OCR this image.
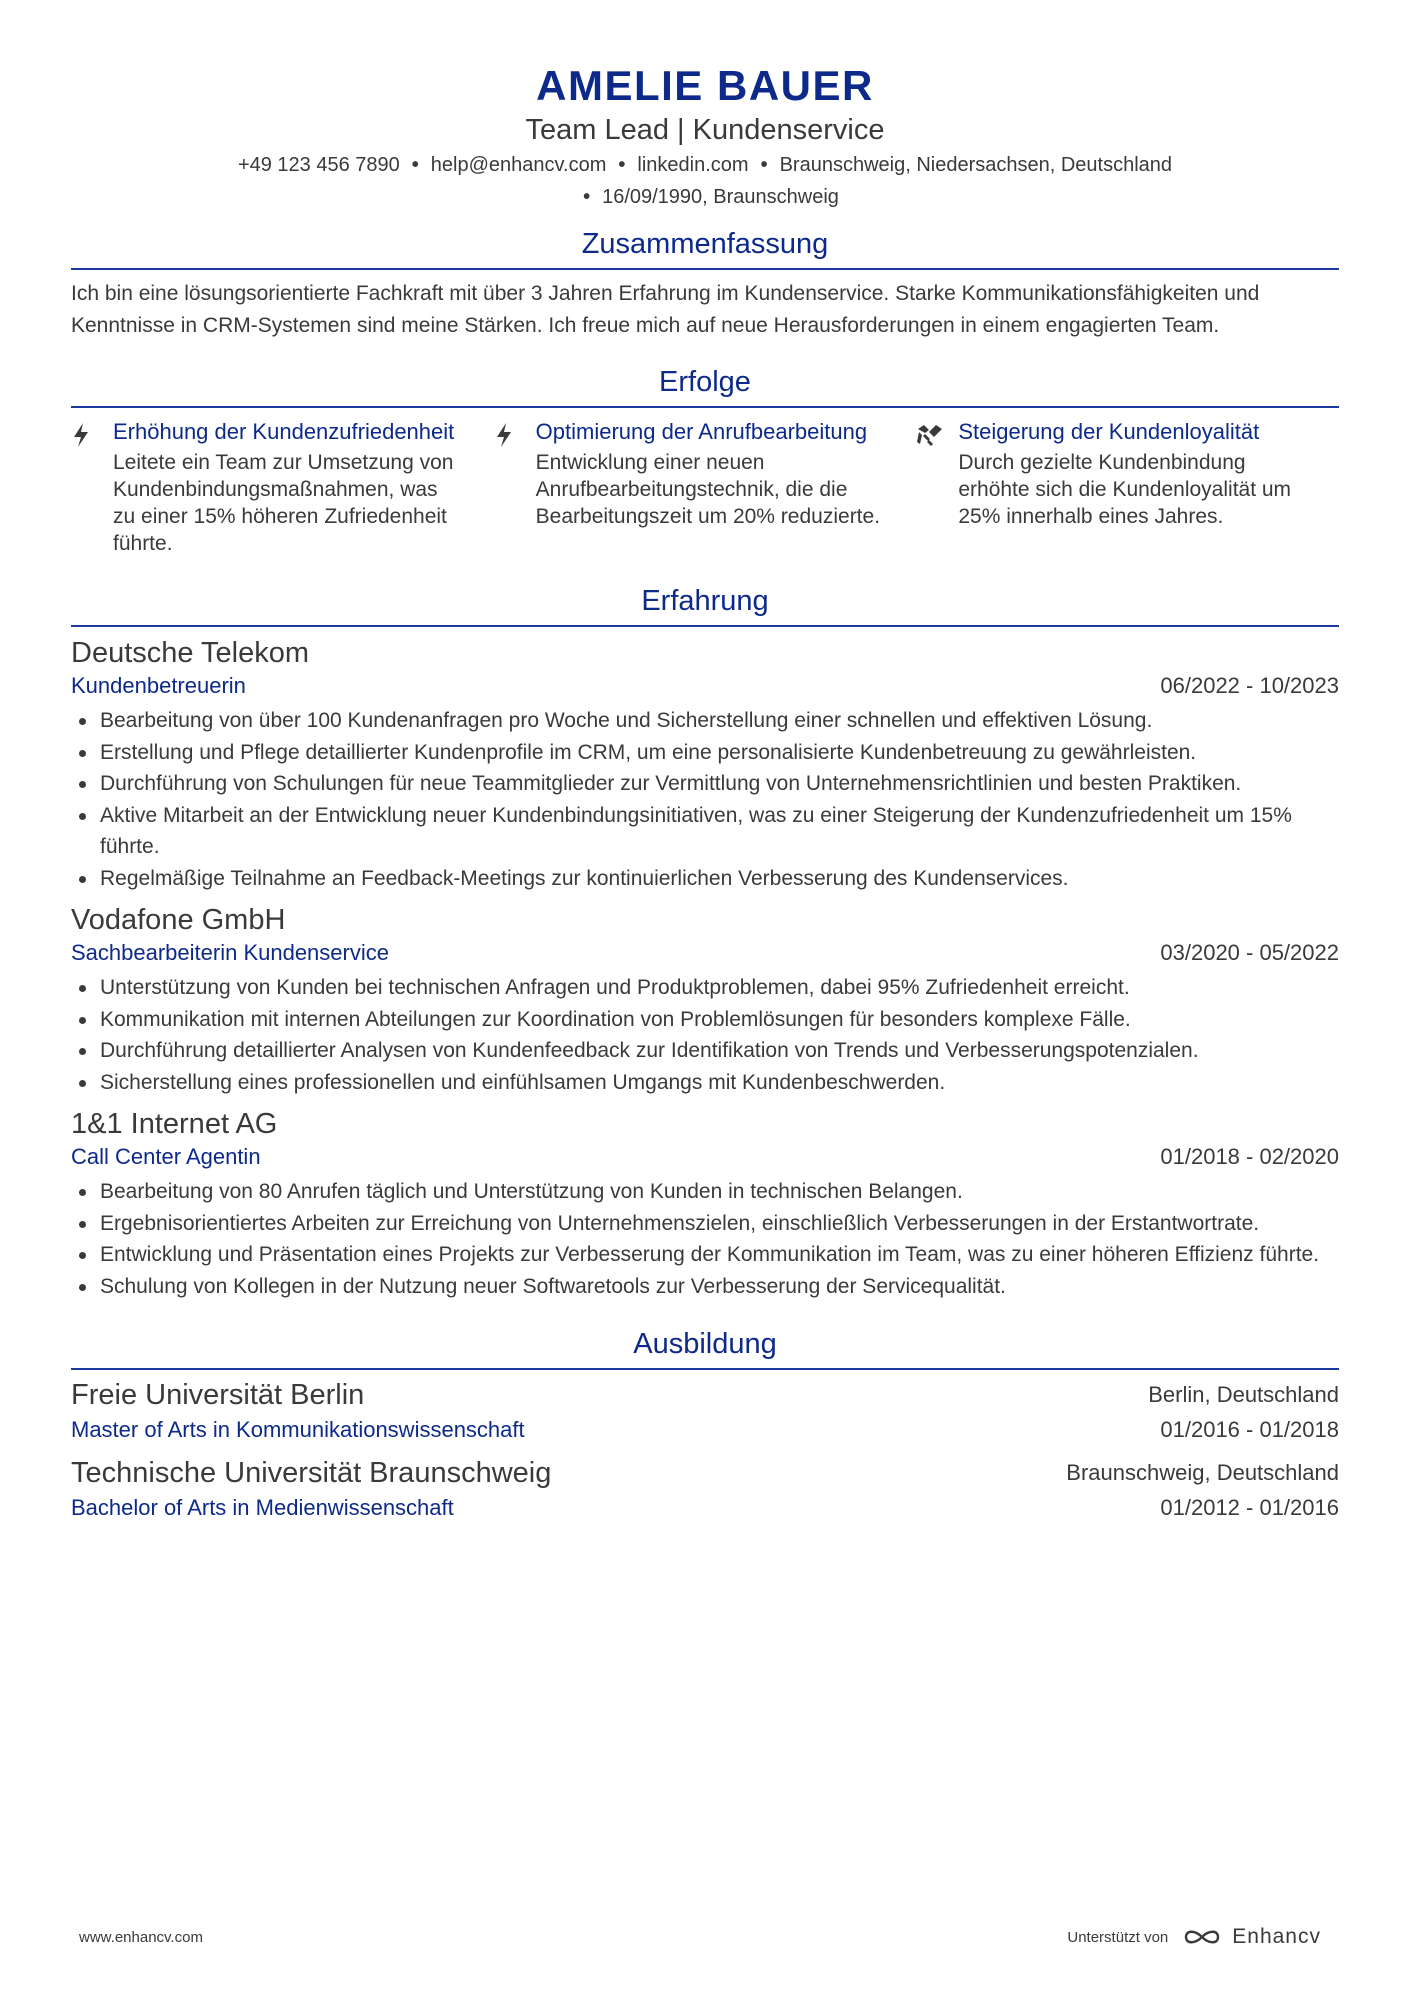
AMELIE BAUER
Team Lead | Kundenservice
+49 123 456 7890 • help@enhancv.com • linkedin.com • Braunschweig, Niedersachsen, Deutschland
• 16/09/1990, Braunschweig
Zusammenfassung
Ich bin eine lösungsorientierte Fachkraft mit über 3 Jahren Erfahrung im Kundenservice. Starke Kommunikationsfähigkeiten und Kenntnisse in CRM-Systemen sind meine Stärken. Ich freue mich auf neue Herausforderungen in einem engagierten Team.
Erfolge
Erhöhung der Kundenzufriedenheit
Leitete ein Team zur Umsetzung von Kundenbindungsmaßnahmen, was zu einer 15% höheren Zufriedenheit führte.
Optimierung der Anrufbearbeitung
Entwicklung einer neuen Anrufbearbeitungstechnik, die die Bearbeitungszeit um 20% reduzierte.
Steigerung der Kundenloyalität
Durch gezielte Kundenbindung erhöhte sich die Kundenloyalität um 25% innerhalb eines Jahres.
Erfahrung
Deutsche Telekom
Kundenbetreuerin	06/2022 - 10/2023
Bearbeitung von über 100 Kundenanfragen pro Woche und Sicherstellung einer schnellen und effektiven Lösung.
Erstellung und Pflege detaillierter Kundenprofile im CRM, um eine personalisierte Kundenbetreuung zu gewährleisten.
Durchführung von Schulungen für neue Teammitglieder zur Vermittlung von Unternehmensrichtlinien und besten Praktiken.
Aktive Mitarbeit an der Entwicklung neuer Kundenbindungsinitiativen, was zu einer Steigerung der Kundenzufriedenheit um 15% führte.
Regelmäßige Teilnahme an Feedback-Meetings zur kontinuierlichen Verbesserung des Kundenservices.
Vodafone GmbH
Sachbearbeiterin Kundenservice	03/2020 - 05/2022
Unterstützung von Kunden bei technischen Anfragen und Produktproblemen, dabei 95% Zufriedenheit erreicht.
Kommunikation mit internen Abteilungen zur Koordination von Problemlösungen für besonders komplexe Fälle.
Durchführung detaillierter Analysen von Kundenfeedback zur Identifikation von Trends und Verbesserungspotenzialen.
Sicherstellung eines professionellen und einfühlsamen Umgangs mit Kundenbeschwerden.
1&1 Internet AG
Call Center Agentin	01/2018 - 02/2020
Bearbeitung von 80 Anrufen täglich und Unterstützung von Kunden in technischen Belangen.
Ergebnisorientiertes Arbeiten zur Erreichung von Unternehmenszielen, einschließlich Verbesserungen in der Erstantwortrate.
Entwicklung und Präsentation eines Projekts zur Verbesserung der Kommunikation im Team, was zu einer höheren Effizienz führte.
Schulung von Kollegen in der Nutzung neuer Softwaretools zur Verbesserung der Servicequalität.
Ausbildung
Freie Universität Berlin	Berlin, Deutschland
Master of Arts in Kommunikationswissenschaft	01/2016 - 01/2018
Technische Universität Braunschweig	Braunschweig, Deutschland
Bachelor of Arts in Medienwissenschaft	01/2012 - 01/2016
www.enhancv.com	Unterstützt von	Enhancv
